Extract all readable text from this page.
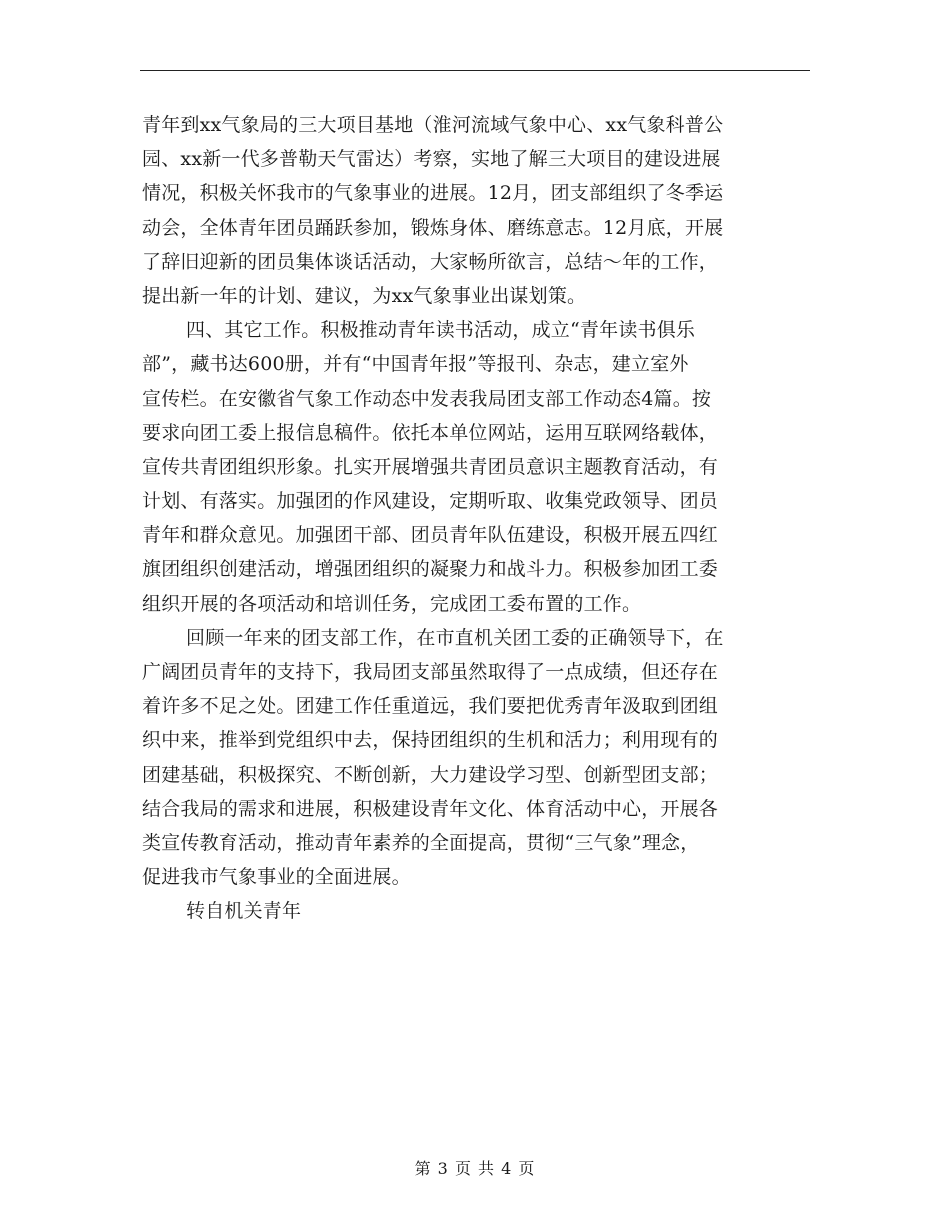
青年到xx气象局的三大项目基地（淮河流域气象中心、xx气象科普公
园、xx新一代多普勒天气雷达）考察，实地了解三大项目的建设进展
情况，积极关怀我市的气象事业的进展。12月，团支部组织了冬季运
动会，全体青年团员踊跃参加，锻炼身体、磨练意志。12月底，开展
了辞旧迎新的团员集体谈话活动，大家畅所欲言，总结～年的工作，
提出新一年的计划、建议，为xx气象事业出谋划策。
四、其它工作。积极推动青年读书活动，成立“青年读书俱乐
部”，藏书达600册，并有“中国青年报”等报刊、杂志，建立室外
宣传栏。在安徽省气象工作动态中发表我局团支部工作动态4篇。按
要求向团工委上报信息稿件。依托本单位网站，运用互联网络载体，
宣传共青团组织形象。扎实开展增强共青团员意识主题教育活动，有
计划、有落实。加强团的作风建设，定期听取、收集党政领导、团员
青年和群众意见。加强团干部、团员青年队伍建设，积极开展五四红
旗团组织创建活动，增强团组织的凝聚力和战斗力。积极参加团工委
组织开展的各项活动和培训任务，完成团工委布置的工作。
回顾一年来的团支部工作，在市直机关团工委的正确领导下，在
广阔团员青年的支持下，我局团支部虽然取得了一点成绩，但还存在
着许多不足之处。团建工作任重道远，我们要把优秀青年汲取到团组
织中来，推举到党组织中去，保持团组织的生机和活力；利用现有的
团建基础，积极探究、不断创新，大力建设学习型、创新型团支部；
结合我局的需求和进展，积极建设青年文化、体育活动中心，开展各
类宣传教育活动，推动青年素养的全面提高，贯彻“三气象”理念，
促进我市气象事业的全面进展。
转自机关青年
第 3 页 共 4 页
